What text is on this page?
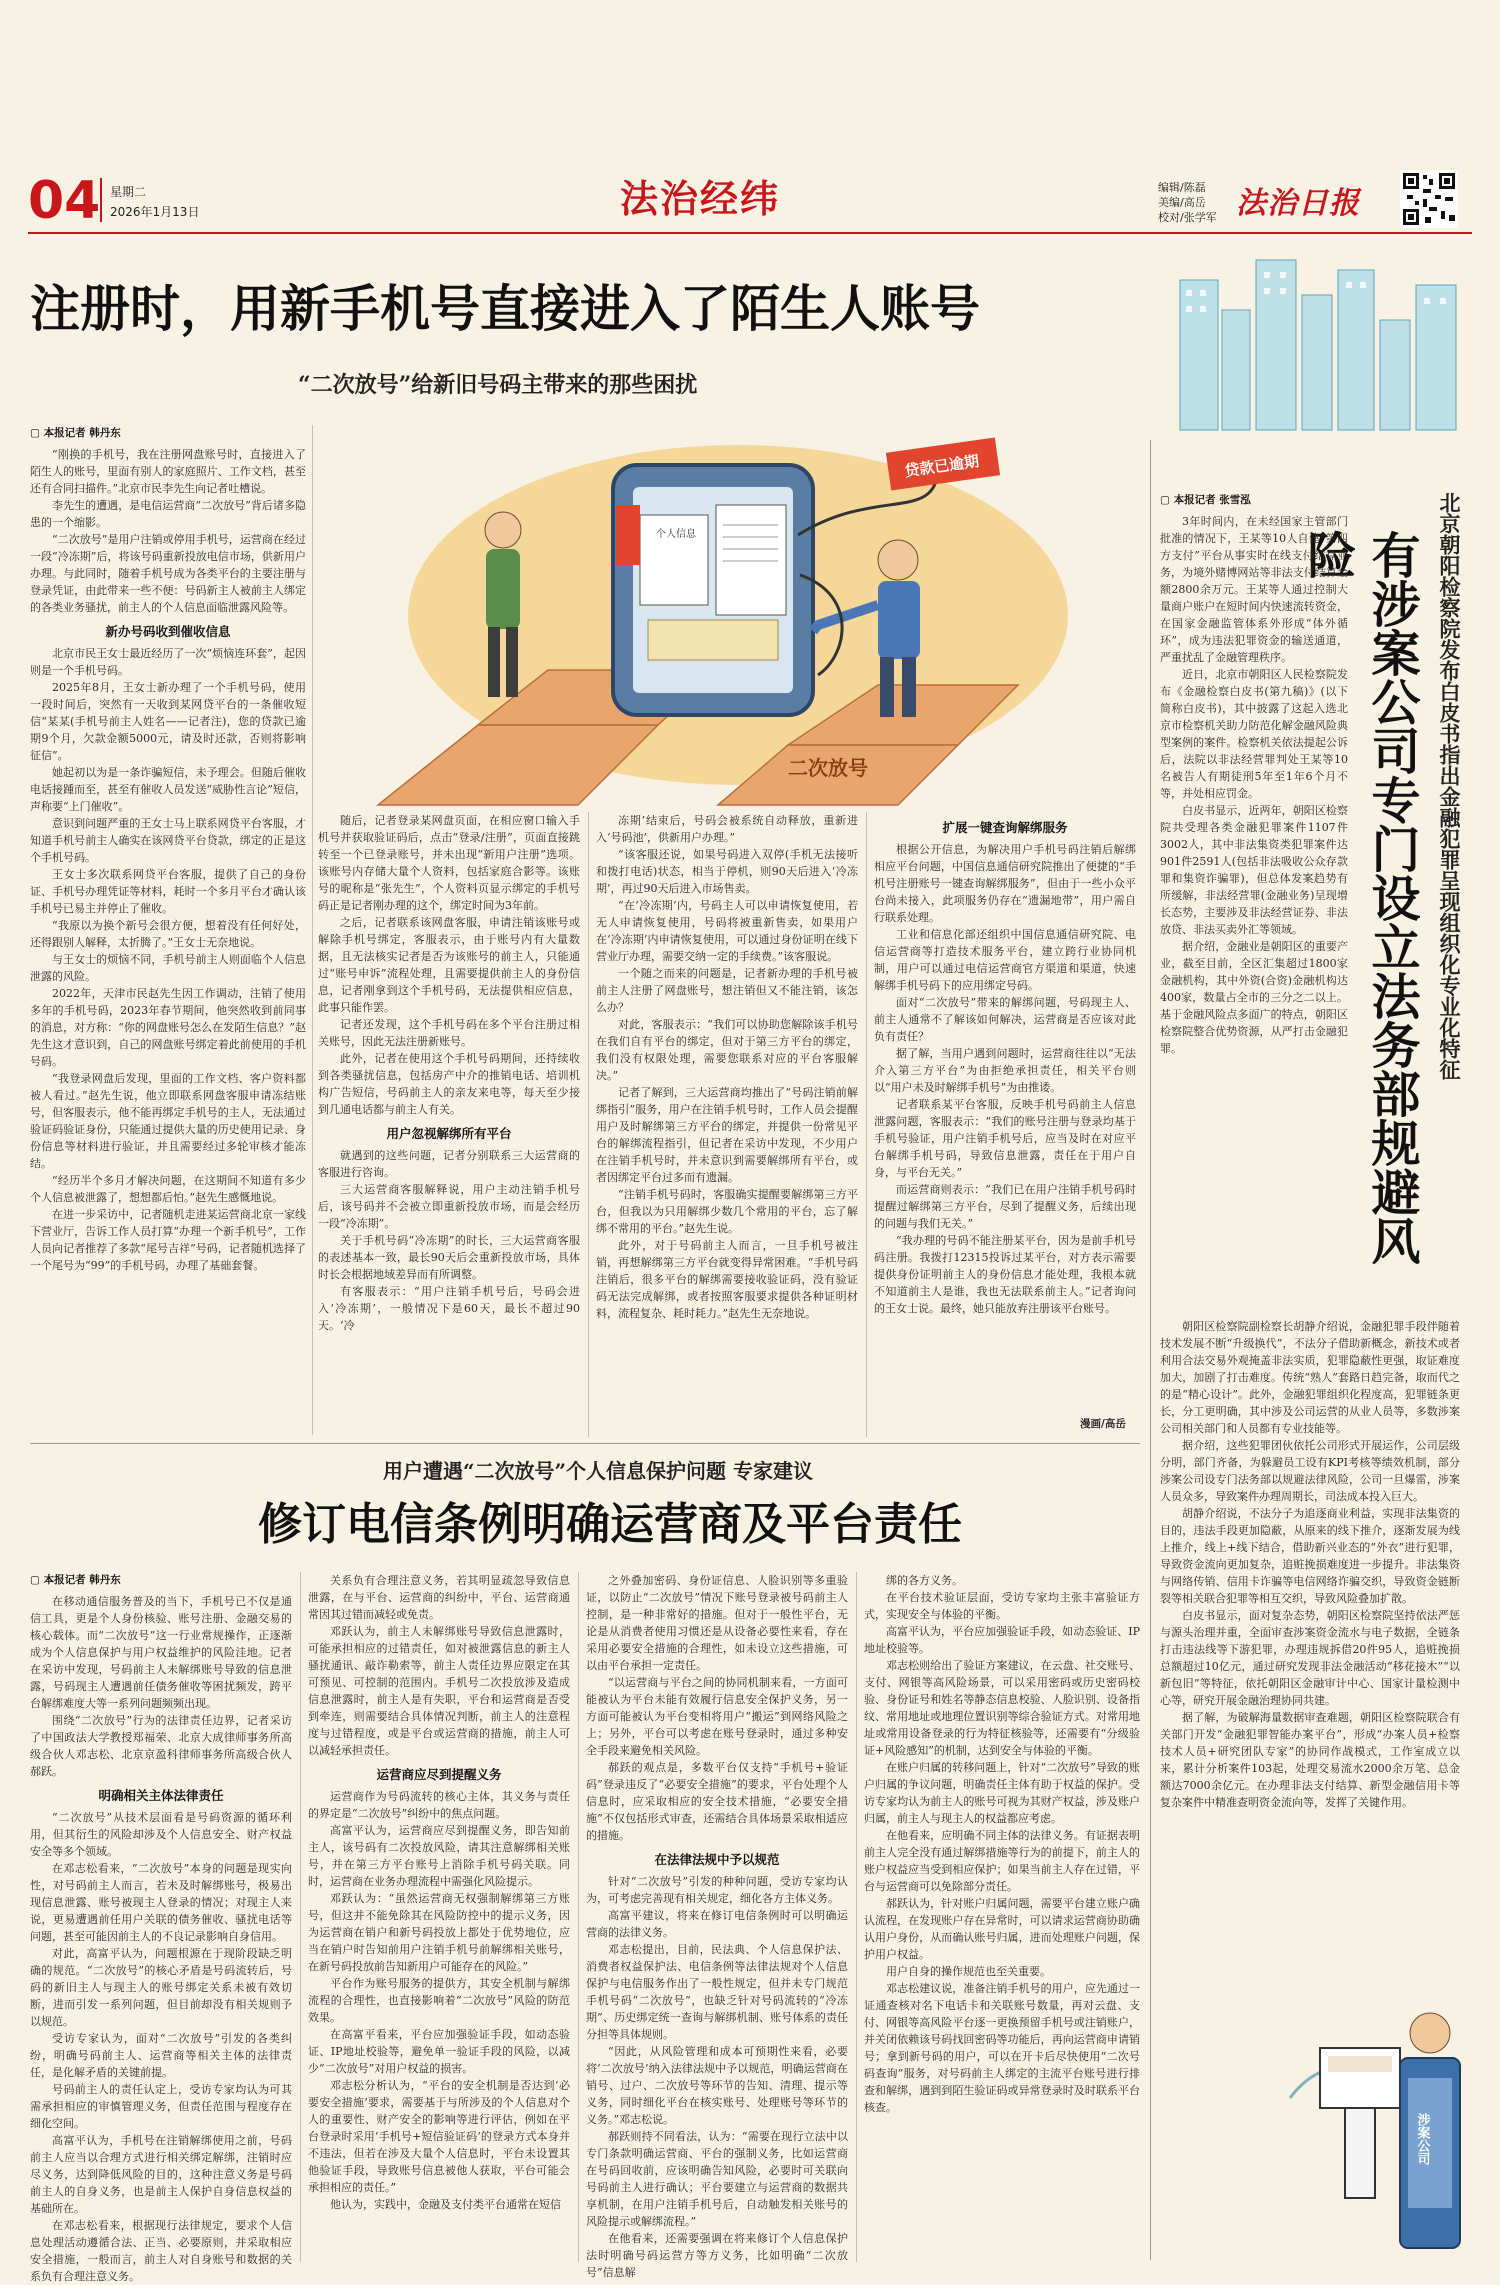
04 星期二
2026年1月13日	法治经纬	编辑/陈磊
美编/高岳
校对/张学军 法治日报
注册时，用新手机号直接进入了陌生人账号
“二次放号”给新旧号码主带来的那些困扰
▢ 本报记者 韩丹东

“刚换的手机号，我在注册网盘账号时，直接进入了陌生人的账号，里面有别人的家庭照片、工作文档，甚至还有合同扫描件。”北京市民李先生向记者吐槽说。

李先生的遭遇，是电信运营商“二次放号”背后诸多隐患的一个缩影。

“二次放号”是用户注销或停用手机号，运营商在经过一段“冷冻期”后，将该号码重新投放电信市场，供新用户办理。与此同时，随着手机号成为各类平台的主要注册与登录凭证，由此带来一些不便：号码新主人被前主人绑定的各类业务骚扰，前主人的个人信息面临泄露风险等。

新办号码收到催收信息

北京市民王女士最近经历了一次“烦恼连环套”，起因则是一个手机号码。

2025年8月，王女士新办理了一个手机号码，使用一段时间后，突然有一天收到某网贷平台的一条催收短信“某某(手机号前主人姓名——记者注)，您的贷款已逾期9个月，欠款金额5000元，请及时还款，否则将影响征信”。

她起初以为是一条诈骗短信，未予理会。但随后催收电话接踵而至，甚至有催收人员发送“威胁性言论”短信，声称要“上门催收”。

意识到问题严重的王女士马上联系网贷平台客服，才知道手机号前主人确实在该网贷平台贷款，绑定的正是这个手机号码。

王女士多次联系网贷平台客服，提供了自己的身份证、手机号办理凭证等材料，耗时一个多月平台才确认该手机号已易主并停止了催收。

“我原以为换个新号会很方便，想着没有任何好处，还得跟别人解释，太折腾了。”王女士无奈地说。

与王女士的烦恼不同，手机号前主人则面临个人信息泄露的风险。

2022年，天津市民赵先生因工作调动，注销了使用多年的手机号码，2023年春节期间，他突然收到前同事的消息，对方称：“你的网盘账号怎么在发陌生信息？”赵先生这才意识到，自己的网盘账号绑定着此前使用的手机号码。

“我登录网盘后发现，里面的工作文档、客户资料都被人看过。”赵先生说，他立即联系网盘客服申请冻结账号，但客服表示，他不能再绑定手机号的主人，无法通过验证码验证身份，只能通过提供大量的历史使用记录、身份信息等材料进行验证，并且需要经过多轮审核才能冻结。

“经历半个多月才解决问题，在这期间不知道有多少个人信息被泄露了，想想都后怕。”赵先生感慨地说。

在进一步采访中，记者随机走进某运营商北京一家线下营业厅，告诉工作人员打算“办理一个新手机号”，工作人员向记者推荐了多款“尾号吉祥”号码，记者随机选择了一个尾号为“99”的手机号码，办理了基础套餐。

贷款已逾期
个人信息
二次放号

随后，记者登录某网盘页面，在相应窗口输入手机号并获取验证码后，点击“登录/注册”，页面直接跳转至一个已登录账号，并未出现“新用户注册”选项。该账号内存储大量个人资料，包括家庭合影等。该账号的昵称是“张先生”，个人资料页显示绑定的手机号码正是记者刚办理的这个，绑定时间为3年前。

之后，记者联系该网盘客服，申请注销该账号或解除手机号绑定，客服表示，由于账号内有大量数据，且无法核实记者是否为该账号的前主人，只能通过“账号申诉”流程处理，且需要提供前主人的身份信息，记者刚拿到这个手机号码，无法提供相应信息，此事只能作罢。

记者还发现，这个手机号码在多个平台注册过相关账号，因此无法注册新账号。

此外，记者在使用这个手机号码期间，还持续收到各类骚扰信息，包括房产中介的推销电话、培训机构广告短信，号码前主人的亲友来电等，每天至少接到几通电话都与前主人有关。

用户忽视解绑所有平台

就遇到的这些问题，记者分别联系三大运营商的客服进行咨询。

三大运营商客服解释说，用户主动注销手机号后，该号码并不会被立即重新投放市场，而是会经历一段“冷冻期”。

关于手机号码“冷冻期”的时长，三大运营商客服的表述基本一致，最长90天后会重新投放市场，具体时长会根据地域差异而有所调整。

有客服表示：“用户注销手机号后，号码会进入‘冷冻期’，一般情况下是60天，最长不超过90天。‘冷

冻期’结束后，号码会被系统自动释放，重新进入‘号码池’，供新用户办理。”

“该客服还说，如果号码进入双停(手机无法接听和拨打电话)状态，相当于停机，则90天后进入‘冷冻期’，再过90天后进入市场售卖。

“在‘冷冻期’内，号码主人可以申请恢复使用，若无人申请恢复使用，号码将被重新售卖，如果用户在‘冷冻期’内申请恢复使用，可以通过身份证明在线下营业厅办理，需要交纳一定的手续费。”该客服说。

一个随之而来的问题是，记者新办理的手机号被前主人注册了网盘账号，想注销但又不能注销，该怎么办？

对此，客服表示：“我们可以协助您解除该手机号在我们自有平台的绑定，但对于第三方平台的绑定，我们没有权限处理，需要您联系对应的平台客服解决。”

记者了解到，三大运营商均推出了“号码注销前解绑指引”服务，用户在注销手机号时，工作人员会提醒用户及时解绑第三方平台的绑定，并提供一份常见平台的解绑流程指引，但记者在采访中发现，不少用户在注销手机号时，并未意识到需要解绑所有平台，或者因绑定平台过多而有遗漏。

“注销手机号码时，客服确实提醒要解绑第三方平台，但我以为只用解绑少数几个常用的平台，忘了解绑不常用的平台。”赵先生说。

此外，对于号码前主人而言，一旦手机号被注销，再想解绑第三方平台就变得异常困难。“手机号码注销后，很多平台的解绑需要接收验证码，没有验证码无法完成解绑，或者按照客服要求提供各种证明材料，流程复杂、耗时耗力。”赵先生无奈地说。

扩展一键查询解绑服务

根据公开信息，为解决用户手机号码注销后解绑相应平台问题，中国信息通信研究院推出了便捷的“手机号注册账号一键查询解绑服务”，但由于一些小众平台尚未接入，此项服务仍存在“遗漏地带”，用户需自行联系处理。

工业和信息化部还组织中国信息通信研究院、电信运营商等打造技术服务平台，建立跨行业协同机制，用户可以通过电信运营商官方渠道和渠道，快速解绑手机号码下的应用绑定号码。

面对“二次放号”带来的解绑问题，号码现主人、前主人通常不了解该如何解决，运营商是否应该对此负有责任？

据了解，当用户遇到问题时，运营商往往以“无法介入第三方平台”为由拒绝承担责任，相关平台则以“用户未及时解绑手机号”为由推诿。

记者联系某平台客服，反映手机号码前主人信息泄露问题，客服表示：“我们的账号注册与登录均基于手机号验证，用户注销手机号后，应当及时在对应平台解绑手机号码，导致信息泄露，责任在于用户自身，与平台无关。”

而运营商则表示：“我们已在用户注销手机号码时提醒过解绑第三方平台，尽到了提醒义务，后续出现的问题与我们无关。”

“我办理的号码不能注册某平台，因为是前手机号码注册。我拨打12315投诉过某平台，对方表示需要提供身份证明前主人的身份信息才能处理，我根本就不知道前主人是谁，我也无法联系前主人。”记者询问的王女士说。最终，她只能放弃注册该平台账号。

漫画/高岳
北京朝阳检察院发布白皮书指出金融犯罪呈现组织化专业化特征
有涉案公司专门设立法务部规避风险
▢ 本报记者 张雪泓

3年时间内，在未经国家主管部门批准的情况下，王某等10人自建“第四方支付”平台从事实时在线支付结算业务，为境外赌博网站等非法支付结算金额2800余万元。王某等人通过控制大量商户账户在短时间内快速流转资金，在国家金融监管体系外形成“体外循环”，成为违法犯罪资金的输送通道，严重扰乱了金融管理秩序。

近日，北京市朝阳区人民检察院发布《金融检察白皮书(第九稿)》(以下简称白皮书)，其中披露了这起入选北京市检察机关助力防范化解金融风险典型案例的案件。检察机关依法提起公诉后，法院以非法经营罪判处王某等10名被告人有期徒刑5年至1年6个月不等，并处相应罚金。

白皮书显示，近两年，朝阳区检察院共受理各类金融犯罪案件1107件3002人，其中非法集资类犯罪案件达901件2591人(包括非法吸收公众存款罪和集资诈骗罪)，但总体发案趋势有所缓解，非法经营罪(金融业务)呈现增长态势，主要涉及非法经营证券、非法放贷、非法买卖外汇等领域。

据介绍，金融业是朝阳区的重要产业，截至目前，全区汇集超过1800家金融机构，其中外资(合资)金融机构达400家，数量占全市的三分之二以上。基于金融风险点多面广的特点，朝阳区检察院整合优势资源，从严打击金融犯罪。

朝阳区检察院副检察长胡静介绍说，金融犯罪手段伴随着技术发展不断“升级换代”，不法分子借助新概念，新技术或者利用合法交易外观掩盖非法实质，犯罪隐蔽性更强，取证难度加大，加剧了打击难度。传统“熟人”套路日趋完备，取而代之的是“精心设计”。此外，金融犯罪组织化程度高，犯罪链条更长，分工更明确，其中涉及公司运营的从业人员等，多数涉案公司相关部门和人员都有专业技能等。

据介绍，这些犯罪团伙依托公司形式开展运作，公司层级分明，部门齐备，为躲避员工设有KPI考核等绩效机制，部分涉案公司设专门法务部以规避法律风险，公司一旦爆雷，涉案人员众多，导致案件办理周期长，司法成本投入巨大。

胡静介绍说，不法分子为追逐商业利益，实现非法集资的目的，违法手段更加隐蔽，从原来的线下推介，逐渐发展为线上推介，线上+线下结合，借助新兴业态的“外衣”进行犯罪，导致资金流向更加复杂，追赃挽损难度进一步提升。非法集资与网络传销、信用卡诈骗等电信网络诈骗交织，导致资金链断裂等相关联合犯罪等相互交织，导致风险叠加扩散。

白皮书显示，面对复杂态势，朝阳区检察院坚持依法严惩与源头治理并重，全面审查涉案资金流水与电子数据，全链条打击违法线等下游犯罪，办理违规拆借20件95人，追赃挽损总额超过10亿元，通过研究发现非法金融活动“移花接木”“以新包旧”等特征，依托朝阳区金融审计中心、国家计量检测中心等，研究开展金融治理协同共建。

据了解，为破解海量数据审查难题，朝阳区检察院联合有关部门开发“金融犯罪智能办案平台”，形成“办案人员+检察技术人员+研究团队专家”的协同作战模式，工作室成立以来，累计分析案件103起，处理交易流水2000余万笔、总金额达7000余亿元。在办理非法支付结算、新型金融信用卡等复杂案件中精准查明资金流向等，发挥了关键作用。

涉案公司
用户遭遇“二次放号”个人信息保护问题 专家建议
修订电信条例明确运营商及平台责任
▢ 本报记者 韩丹东

在移动通信服务普及的当下，手机号已不仅是通信工具，更是个人身份核验、账号注册、金融交易的核心载体。而“二次放号”这一行业常规操作，正逐渐成为个人信息保护与用户权益维护的风险洼地。记者在采访中发现，号码前主人未解绑账号导致的信息泄露，号码现主人遭遇前任债务催收等困扰频发，跨平台解绑难度大等一系列问题频频出现。

围绕“二次放号”行为的法律责任边界，记者采访了中国政法大学教授郑福荣、北京大成律师事务所高级合伙人邓志松、北京京盈科律师事务所高级合伙人郝跃。

明确相关主体法律责任

“二次放号”从技术层面看是号码资源的循环利用，但其衍生的风险却涉及个人信息安全、财产权益安全等多个领域。

在邓志松看来，“二次放号”本身的问题是现实向性，对号码前主人而言，若未及时解绑账号，极易出现信息泄露、账号被现主人登录的情况；对现主人来说，更易遭遇前任用户关联的债务催收、骚扰电话等问题，甚至可能因前主人的不良记录影响自身信用。

对此，高富平认为，问题根源在于现阶段缺乏明确的规范。“二次放号”的核心矛盾是号码流转后，号码的新旧主人与现主人的账号绑定关系未被有效切断，进而引发一系列问题，但目前却没有相关规则予以规范。

受访专家认为，面对“二次放号”引发的各类纠纷，明确号码前主人、运营商等相关主体的法律责任，是化解矛盾的关键前提。

号码前主人的责任认定上，受访专家均认为可其需承担相应的审慎管理义务，但责任范围与程度存在细化空间。

高富平认为，手机号在注销解绑使用之前，号码前主人应当以合理方式进行相关绑定解绑，注销时应尽义务，达到降低风险的目的，这种注意义务是号码前主人的自身义务，也是前主人保护自身信息权益的基础所在。

在邓志松看来，根据现行法律规定，要求个人信息处理活动遵循合法、正当、必要原则，并采取相应安全措施，一般而言，前主人对自身账号和数据的关系负有合理注意义务。

关系负有合理注意义务，若其明显疏忽导致信息泄露，在与平台、运营商的纠纷中，平台、运营商通常因其过错而减轻或免责。

邓跃认为，前主人未解绑账号导致信息泄露时，可能承担相应的过错责任，如对被泄露信息的新主人骚扰通讯、敲诈勒索等，前主人责任边界应限定在其可预见、可控制的范围内。手机号二次投放涉及造成信息泄露时，前主人是有失职，平台和运营商是否受到牵连，则需要结合具体情况判断，前主人的注意程度与过错程度，或是平台或运营商的措施，前主人可以减轻承担责任。

运营商应尽到提醒义务

运营商作为号码流转的核心主体，其义务与责任的界定是“二次放号”纠纷中的焦点问题。

高富平认为，运营商应尽到提醒义务，即告知前主人，该号码有二次投放风险，请其注意解绑相关账号，并在第三方平台账号上消除手机号码关联。同时，运营商在业务办理流程中需强化风险提示。

邓跃认为：“虽然运营商无权强制解绑第三方账号，但这并不能免除其在风险防控中的提示义务，因为运营商在销户和新号码投放上都处于优势地位，应当在销户时告知前用户注销手机号前解绑相关账号，在新号码投放前告知新用户可能存在的风险。”

平台作为账号服务的提供方，其安全机制与解绑流程的合理性，也直接影响着“二次放号”风险的防范效果。

在高富平看来，平台应加强验证手段，如动态验证、IP地址校验等，避免单一验证手段的风险，以减少“二次放号”对用户权益的损害。

邓志松分析认为，“平台的安全机制是否达到‘必要安全措施’要求，需要基于与所涉及的个人信息对个人的重要性、财产安全的影响等进行评估，例如在平台登录时采用‘手机号+短信验证码’的登录方式本身并不违法，但若在涉及大量个人信息时，平台未设置其他验证手段，导致账号信息被他人获取，平台可能会承担相应的责任。”

他认为，实践中，金融及支付类平台通常在短信

之外叠加密码、身份证信息、人脸识别等多重验证，以防止“二次放号”情况下账号登录被号码前主人控制，是一种非常好的措施。但对于一般性平台，无论是从消费者使用习惯还是从设备必要性来看，存在采用必要安全措施的合理性，如未设立这些措施，可以由平台承担一定责任。

“以运营商与平台之间的协同机制来看，一方面可能被认为平台未能有效履行信息安全保护义务，另一方面可能被认为平台变相将用户“搬运”到网络风险之上；另外，平台可以考虑在账号登录时，通过多种安全手段来避免相关风险。

郝跃的观点是，多数平台仅支持“手机号+验证码”登录违反了“必要安全措施”的要求，平台处理个人信息时，应采取相应的安全技术措施，“必要安全措施”不仅包括形式审查，还需结合具体场景采取相适应的措施。

在法律法规中予以规范

针对“二次放号”引发的种种问题，受访专家均认为，可考虑完善现有相关规定，细化各方主体义务。

高富平建议，将来在修订电信条例时可以明确运营商的法律义务。

邓志松提出，目前，民法典、个人信息保护法、消费者权益保护法、电信条例等法律法规对个人信息保护与电信服务作出了一般性规定，但并未专门规范手机号码“二次放号”，也缺乏针对号码流转的“冷冻期”、历史绑定统一查询与解绑机制、账号体系的责任分担等具体规则。

“因此，从风险管理和成本可预期性来看，必要将‘二次放号’纳入法律法规中予以规范，明确运营商在销号、过户、二次放号等环节的告知、清理、提示等义务，同时细化平台在核实账号、处理账号等环节的义务。”邓志松说。

郝跃则持不同看法，认为：“需要在现行立法中以专门条款明确运营商、平台的强制义务，比如运营商在号码回收前，应该明确告知风险，必要时可关联向号码前主人进行确认；平台要建立与运营商的数据共享机制，在用户注销手机号后，自动触发相关账号的风险提示或解绑流程。”

在他看来，还需要强调在将来修订个人信息保护法时明确号码运营方等方义务，比如明确“二次放号”信息解

绑的各方义务。

在平台技术验证层面，受访专家均主张丰富验证方式，实现安全与体验的平衡。

高富平认为，平台应加强验证手段，如动态验证、IP地址校验等。

邓志松则给出了验证方案建议，在云盘、社交账号、支付、网银等高风险场景，可以采用密码或历史密码校验、身份证号和姓名等静态信息校验、人脸识别、设备指纹、常用地址或地理位置识别等综合验证方式。对常用地址或常用设备登录的行为特征核验等，还需要有“分级验证+风险感知”的机制，达到安全与体验的平衡。

在账户归属的转移问题上，针对“二次放号”导致的账户归属的争议问题，明确责任主体有助于权益的保护。受访专家均认为前主人的账号可视为其财产权益，涉及账户归属，前主人与现主人的权益都应考虑。

在他看来，应明确不同主体的法律义务。有证据表明前主人完全没有通过解绑措施等行为的前提下，前主人的账户权益应当受到相应保护；如果当前主人存在过错，平台与运营商可以免除部分责任。

郝跃认为，针对账户归属问题，需要平台建立账户确认流程，在发现账户存在异常时，可以请求运营商协助确认用户身份，从而确认账号归属，进而处理账户问题，保护用户权益。

用户自身的操作规范也至关重要。

邓志松建议说，准备注销手机号的用户，应先通过一证通查核对名下电话卡和关联账号数量，再对云盘、支付、网银等高风险平台逐一更换预留手机号或注销账户，并关闭依赖该号码找回密码等功能后，再向运营商申请销号；拿到新号码的用户，可以在开卡后尽快使用“二次号码查询”服务，对号码前主人绑定的主流平台账号进行排查和解绑，遇到到陌生验证码或异常登录时及时联系平台核查。
